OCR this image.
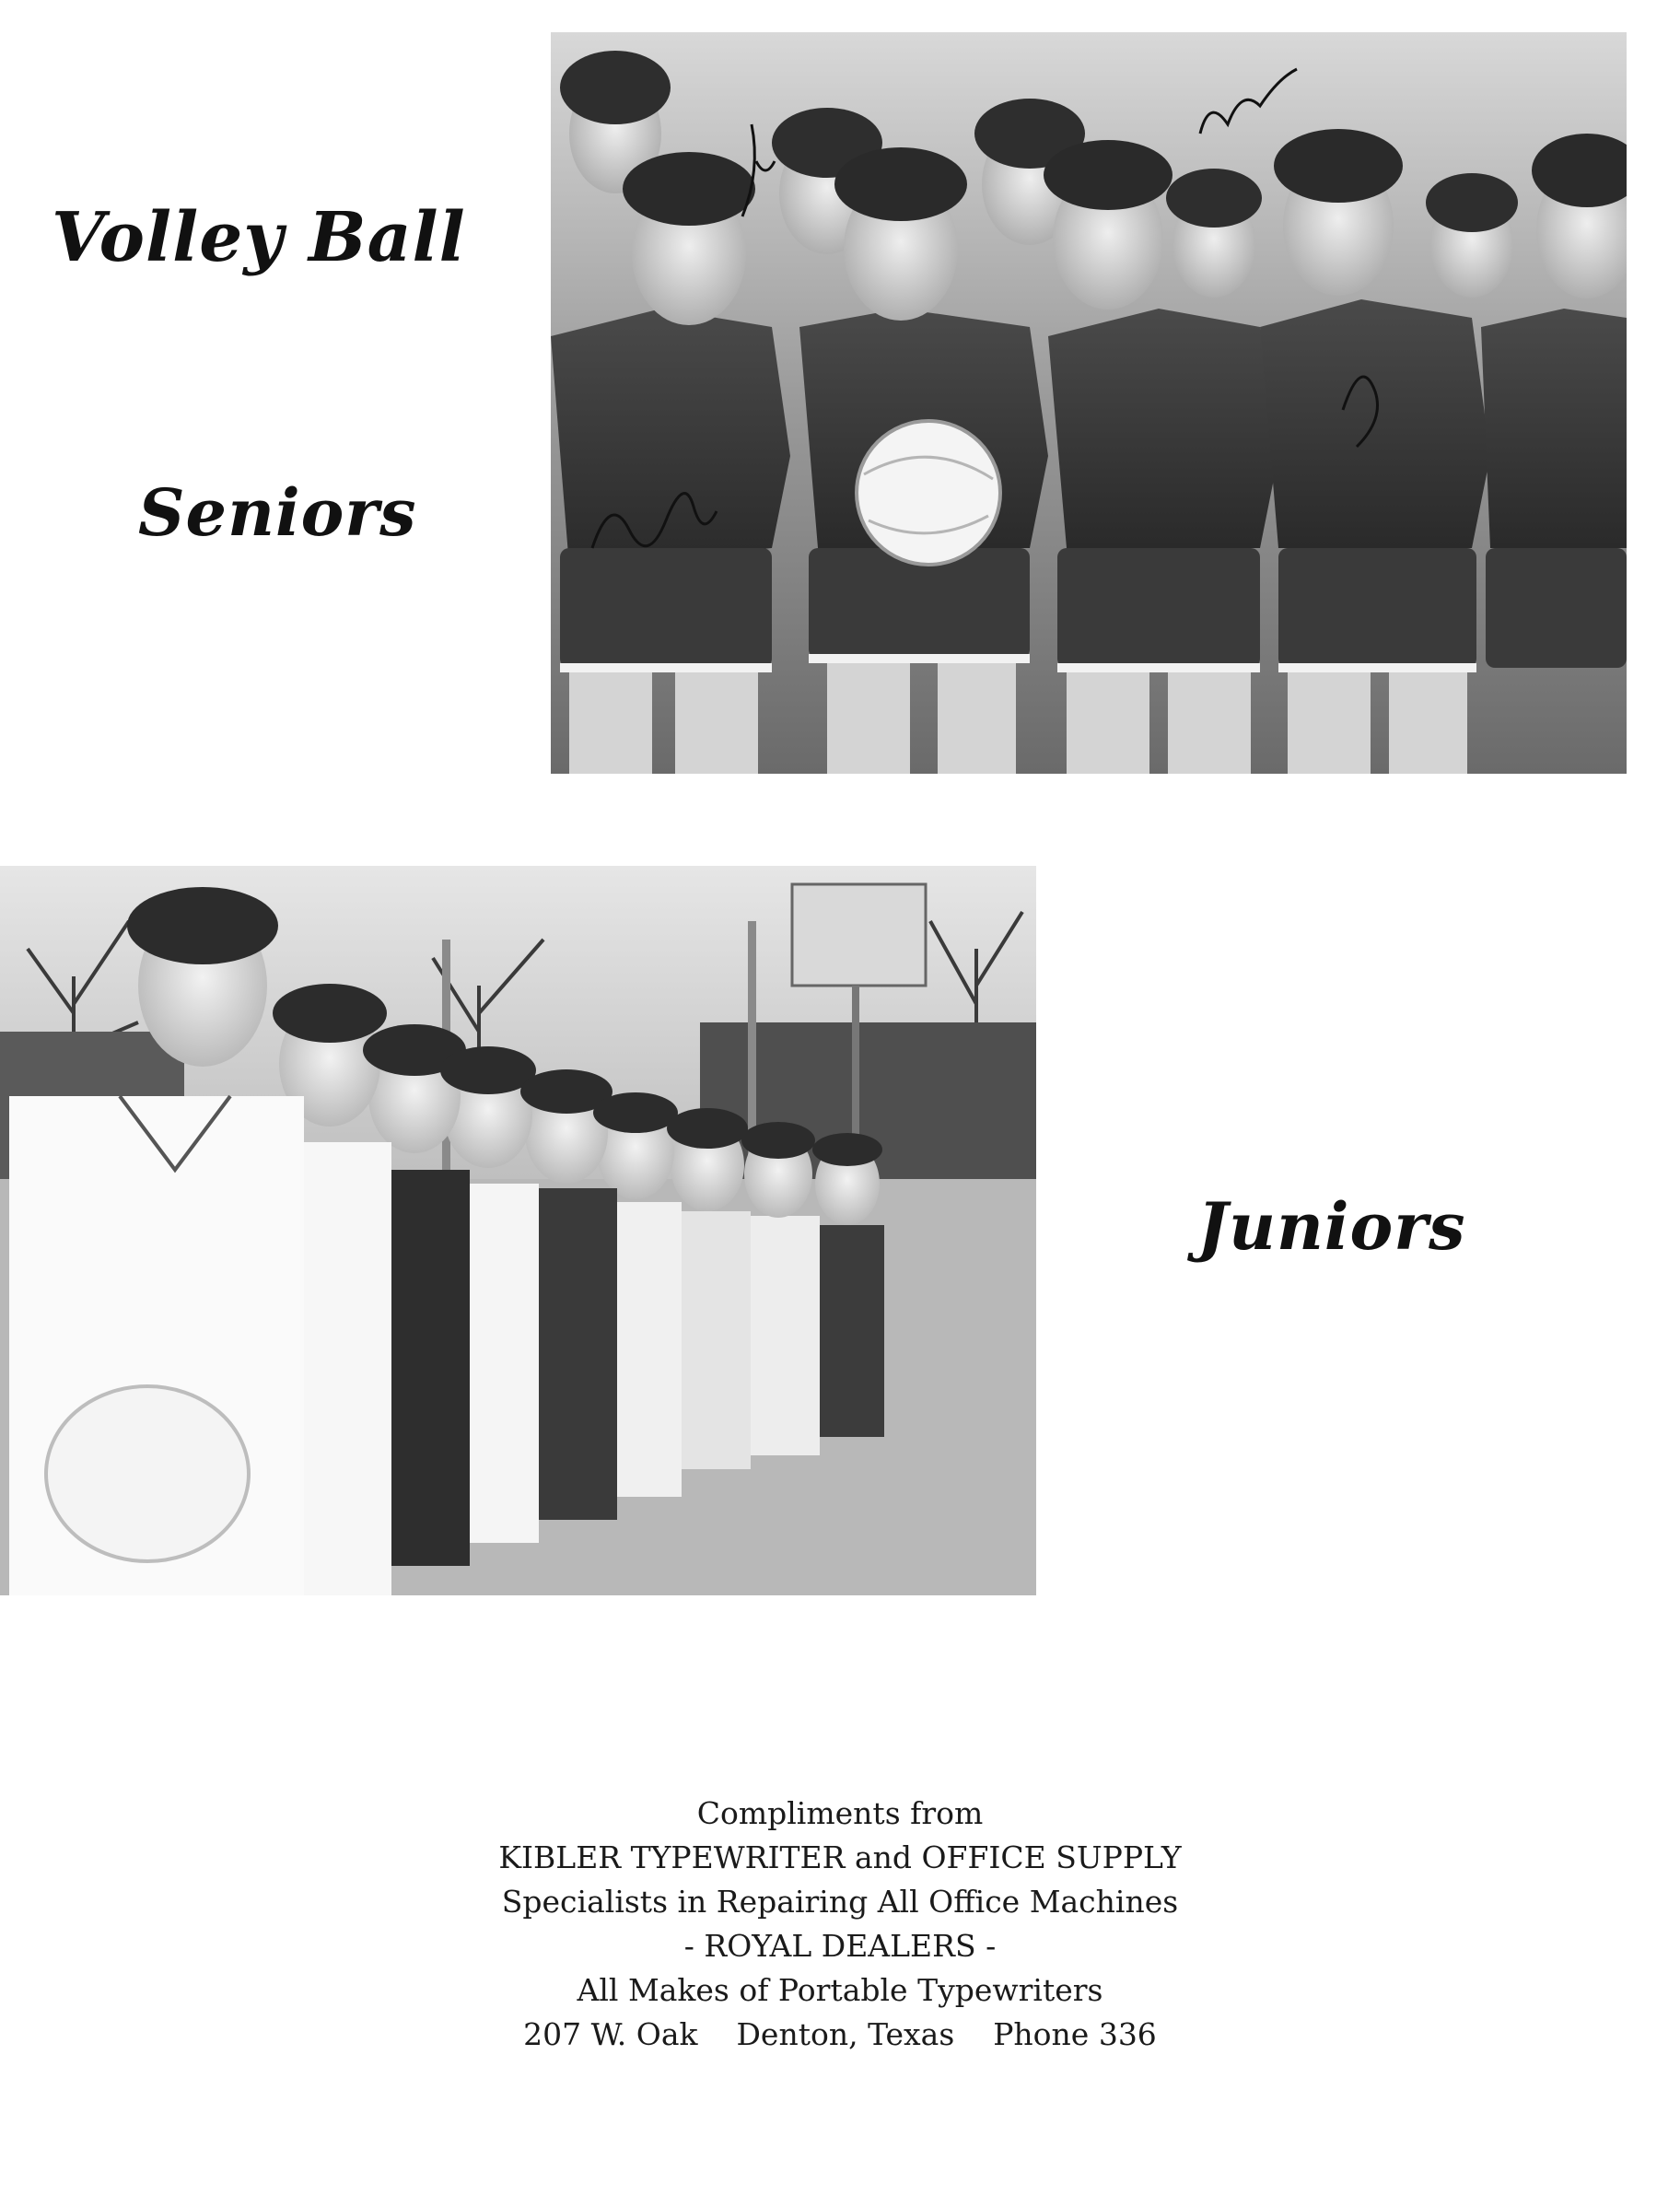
Volley Ball
Seniors
Juniors
Compliments from
KIBLER TYPEWRITER and OFFICE SUPPLY
Specialists in Repairing All Office Machines
- ROYAL DEALERS -
All Makes of Portable Typewriters
207 W. Oak    Denton, Texas    Phone 336
